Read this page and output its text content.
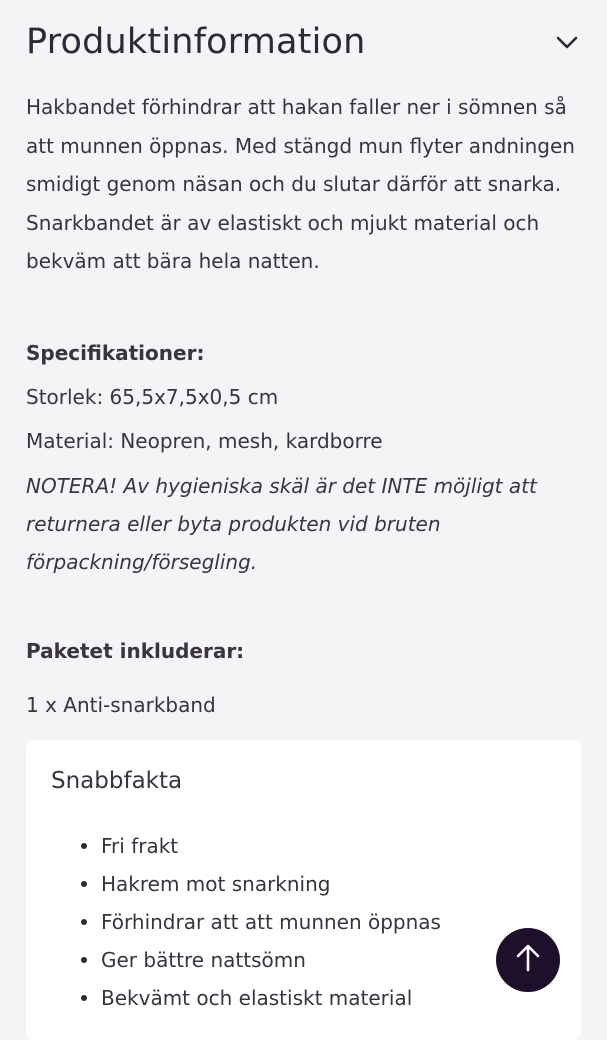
Produktinformation

Hakbandet förhindrar att hakan faller ner i sömnen så att munnen öppnas. Med stängd mun flyter andningen smidigt genom näsan och du slutar därför att snarka. Snarkbandet är av elastiskt och mjukt material och bekväm att bära hela natten.

Specifikationer:

Storlek: 65,5x7,5x0,5 cm

Material: Neopren, mesh, kardborre

NOTERA! Av hygieniska skäl är det INTE möjligt att returnera eller byta produkten vid bruten förpackning/försegling.

Paketet inkluderar:

1 x Anti-snarkband

Snabbfakta
Fri frakt
Hakrem mot snarkning
Förhindrar att att munnen öppnas
Ger bättre nattsömn
Bekvämt och elastiskt material
